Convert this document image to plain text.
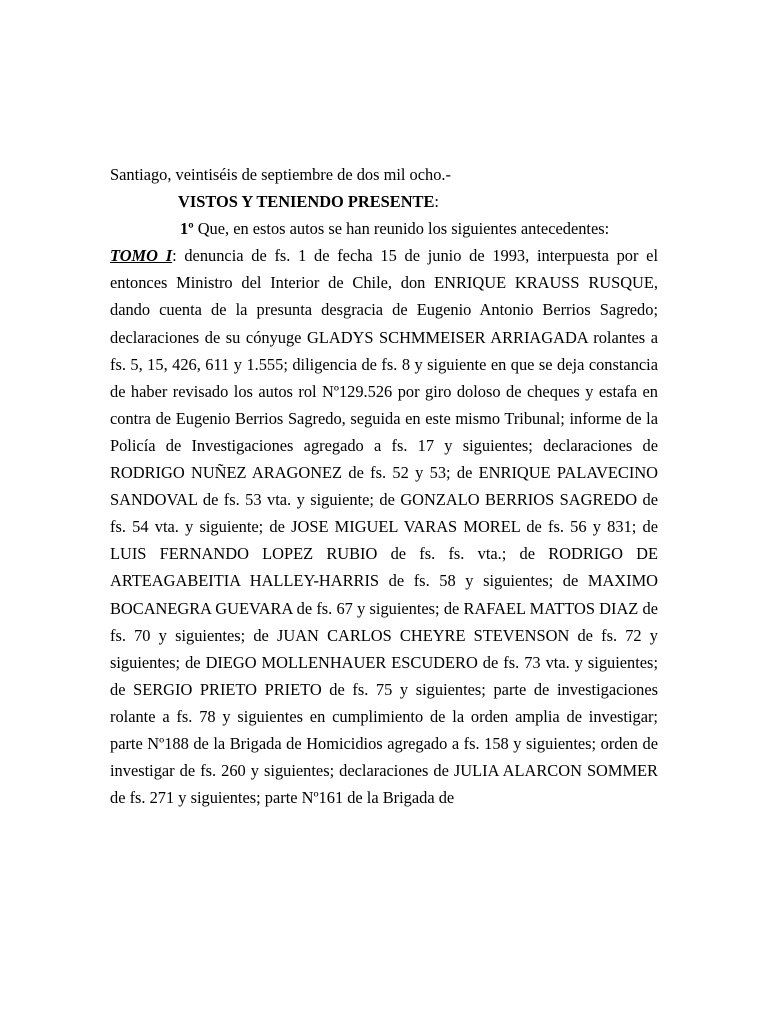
Santiago, veintiséis de septiembre de dos mil ocho.-
VISTOS Y TENIENDO PRESENTE:
1º Que, en estos autos se han reunido los siguientes antecedentes:
TOMO I: denuncia de fs. 1 de fecha 15 de junio de 1993, interpuesta por el entonces Ministro del Interior de Chile, don ENRIQUE KRAUSS RUSQUE, dando cuenta de la presunta desgracia de Eugenio Antonio Berrios Sagredo; declaraciones de su cónyuge GLADYS SCHMMEISER ARRIAGADA rolantes a fs. 5, 15, 426, 611 y 1.555; diligencia de fs. 8 y siguiente en que se deja constancia de haber revisado los autos rol Nº129.526 por giro doloso de cheques y estafa en contra de Eugenio Berrios Sagredo, seguida en este mismo Tribunal; informe de la Policía de Investigaciones agregado a fs. 17 y siguientes; declaraciones de RODRIGO NUÑEZ ARAGONEZ de fs. 52 y 53; de ENRIQUE PALAVECINO SANDOVAL de fs. 53 vta. y siguiente; de GONZALO BERRIOS SAGREDO de fs. 54 vta. y siguiente; de JOSE MIGUEL VARAS MOREL de fs. 56 y 831; de LUIS FERNANDO LOPEZ RUBIO de fs. fs. vta.; de RODRIGO DE ARTEAGABEITIA HALLEY-HARRIS de fs. 58 y siguientes; de MAXIMO BOCANEGRA GUEVARA de fs. 67 y siguientes; de RAFAEL MATTOS DIAZ de fs. 70 y siguientes; de JUAN CARLOS CHEYRE STEVENSON de fs. 72 y siguientes; de DIEGO MOLLENHAUER ESCUDERO de fs. 73 vta. y siguientes; de SERGIO PRIETO PRIETO de fs. 75 y siguientes; parte de investigaciones rolante a fs. 78 y siguientes en cumplimiento de la orden amplia de investigar; parte Nº188 de la Brigada de Homicidios agregado a fs. 158 y siguientes; orden de investigar de fs. 260 y siguientes; declaraciones de JULIA ALARCON SOMMER de fs. 271 y siguientes; parte Nº161 de la Brigada de
